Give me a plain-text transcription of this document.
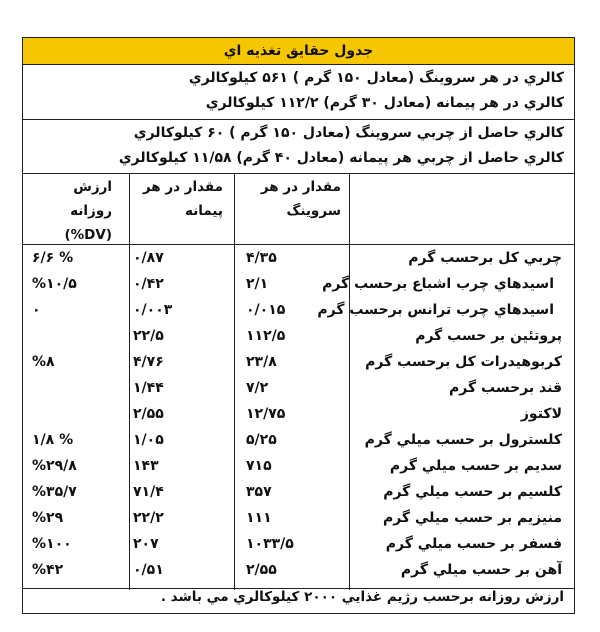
جدول حقايق تغذيه اي
كالري در هر سروينگ (معادل ۱۵۰ گرم ) ۵۶۱ كيلوكالري
كالري در هر پيمانه (معادل ۳۰ گرم) ۱۱۲/۲ كيلوكالري
كالري حاصل از چربي سروينگ (معادل ۱۵۰ گرم ) ۶۰ كيلوكالري
كالري حاصل از چربي هر پيمانه (معادل ۴۰ گرم) ۱۱/۵۸ كيلوكالري
مقدار در هر
سروينگ
مقدار در هر
پيمانه
ارزش
روزانه
(DV%)
چربي كل برحسب گرم
۴/۳۵
۰/۸۷
% ۶/۶
اسيدهاي چرب اشباع برحسب گرم
۲/۱
۰/۴۲
%۱۰/۵
اسيدهاي چرب ترانس برحسب گرم
۰/۰۱۵
۰/۰۰۳
۰
پروتئين بر حسب گرم
۱۱۲/۵
۲۲/۵
كربوهيدرات كل برحسب گرم
۲۳/۸
۴/۷۶
%۸
قند برحسب گرم
۷/۲
۱/۴۴
لاكتوز
۱۲/۷۵
۲/۵۵
كلسترول بر حسب ميلي گرم
۵/۲۵
۱/۰۵
% ۱/۸
سديم بر حسب ميلي گرم
۷۱۵
۱۴۳
%۲۹/۸
كلسيم بر حسب ميلي گرم
۳۵۷
۷۱/۴
%۳۵/۷
منيزيم بر حسب ميلي گرم
۱۱۱
۲۲/۲
%۲۹
فسفر بر حسب ميلي گرم
۱۰۳۳/۵
۲۰۷
%۱۰۰
آهن بر حسب ميلي گرم
۲/۵۵
۰/۵۱
%۴۲
ارزش روزانه برحسب رژيم غذايي ۲۰۰۰ كيلوكالري مي باشد .
